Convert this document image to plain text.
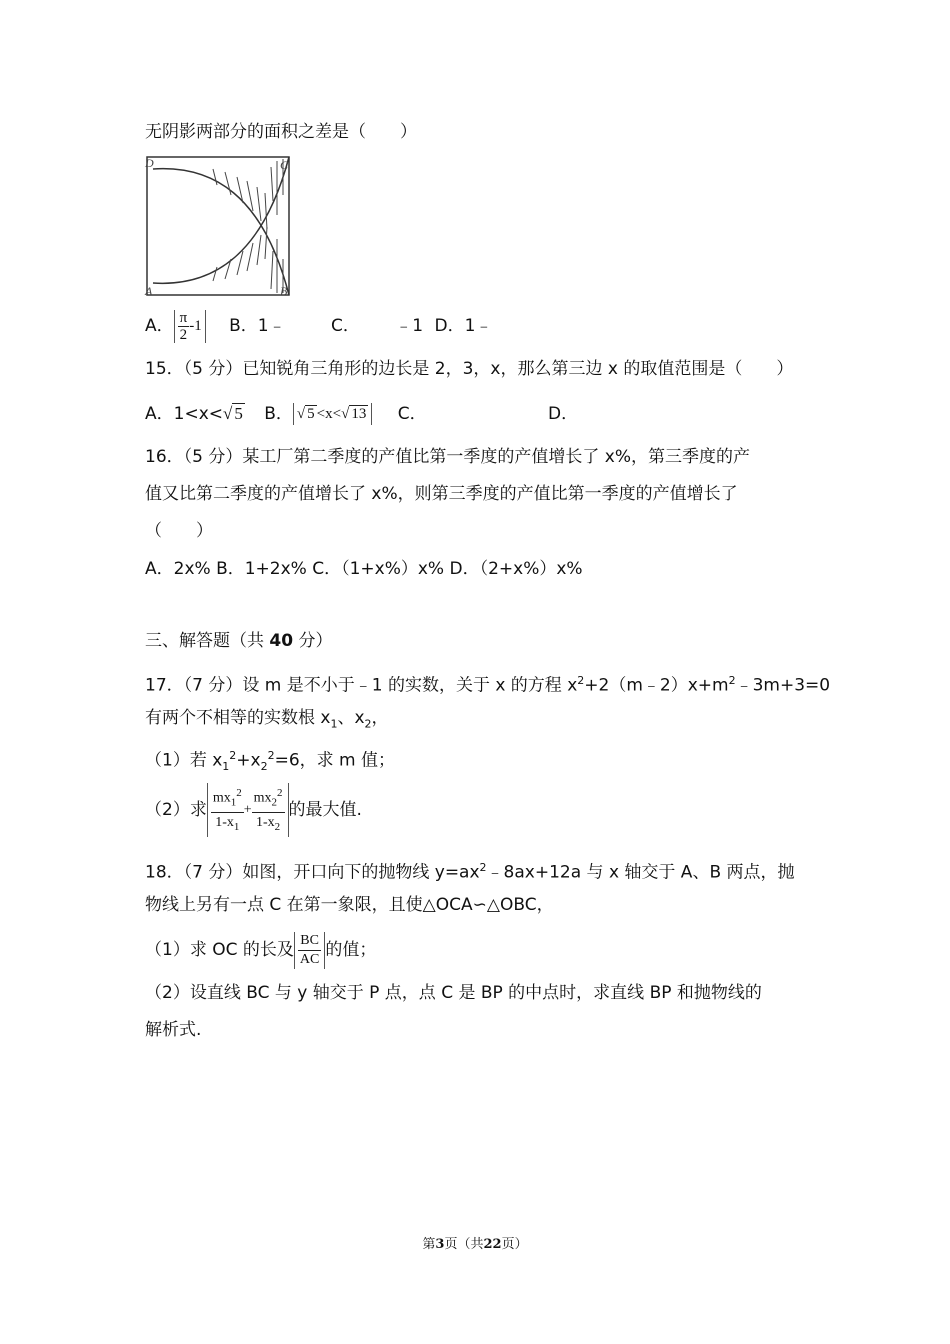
无阴影两部分的面积之差是（　　）
D	C
A	B
A． $\frac{\pi}{2} -1$ B．1﹣	C． ﹣1 D．1﹣
15．（5 分）已知锐角三角形的边长是 2，3，x，那么第三边 x 的取值范围是（　　）
A．1<x<√ 5 B． √ 5 <x<√ 13 C．	D．
16．（5 分）某工厂第二季度的产值比第一季度的产值增长了 x%，第三季度的产
值又比第二季度的产值增长了 x%，则第三季度的产值比第一季度的产值增长了
（　　）
A．2x% B．1+2x% C．（1+x%）x% D．（2+x%）x%
三、解答题（共 40 分）
17．（7 分）设 m 是不小于﹣1 的实数，关于 x 的方程 $x^2+2(m﹣2)x+m^2﹣3m+3=0$
有两个不相等的实数根 $x_1$、$x_2$，
（1）若 $x_1^2+x_2^2=6$，求 m 值；
（2）求 $\frac{mx_1^2}{1-x_1} + \frac{mx_2^2}{1-x_2}$ 的最大值.
18．（7 分）如图，开口向下的抛物线 $y=ax^2﹣8ax+12a$ 与 x 轴交于 A、B 两点，抛
物线上另有一点 C 在第一象限，且使△OCA∽△OBC，
（1）求 OC 的长及 $\frac{BC}{AC}$ 的值；
（2）设直线 BC 与 y 轴交于 P 点，点 C 是 BP 的中点时，求直线 BP 和抛物线的
解析式.
第3页（共22页）
